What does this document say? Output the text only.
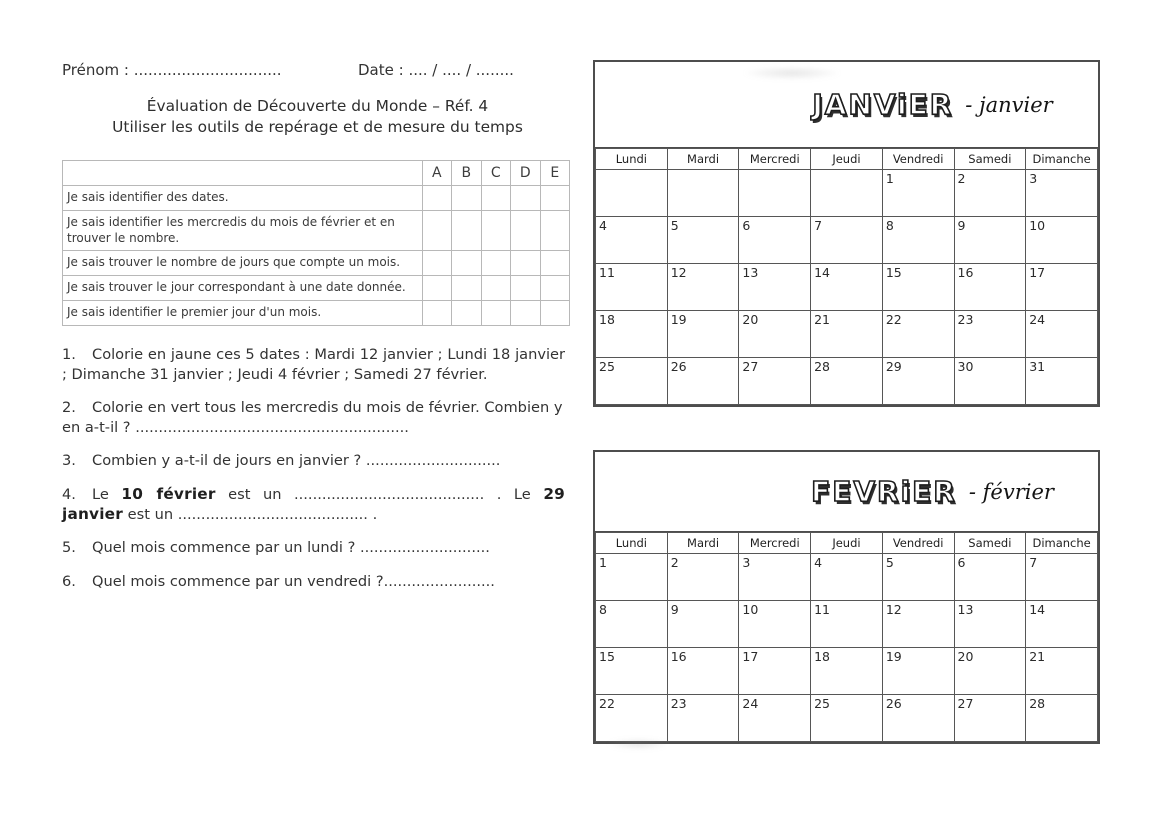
Prénom : ...............................	Date : .... / .... / ........
Évaluation de Découverte du Monde – Réf. 4
Utiliser les outils de repérage et de mesure du temps
	A	B	C	D	E
Je sais identifier des dates.					
Je sais identifier les mercredis du mois de février et en trouver le nombre.					
Je sais trouver le nombre de jours que compte un mois.					
Je sais trouver le jour correspondant à une date donnée.					
Je sais identifier le premier jour d'un mois.					

1. Colorie en jaune ces 5 dates : Mardi 12 janvier ; Lundi 18 janvier ; Dimanche 31 janvier ; Jeudi 4 février ; Samedi 27 février.

2. Colorie en vert tous les mercredis du mois de février. Combien y en a-t-il ? ...........................................................

3. Combien y a-t-il de jours en janvier ? .............................

4. Le 10 février est un ......................................... . Le 29 janvier est un ......................................... .

5. Quel mois commence par un lundi ? ............................

6. Quel mois commence par un vendredi ?........................

JANViER - janvier
Lundi	Mardi	Mercredi	Jeudi	Vendredi	Samedi	Dimanche
				1	2	3
4	5	6	7	8	9	10
11	12	13	14	15	16	17
18	19	20	21	22	23	24
25	26	27	28	29	30	31
FEVRiER - février
Lundi	Mardi	Mercredi	Jeudi	Vendredi	Samedi	Dimanche
1	2	3	4	5	6	7
8	9	10	11	12	13	14
15	16	17	18	19	20	21
22	23	24	25	26	27	28
